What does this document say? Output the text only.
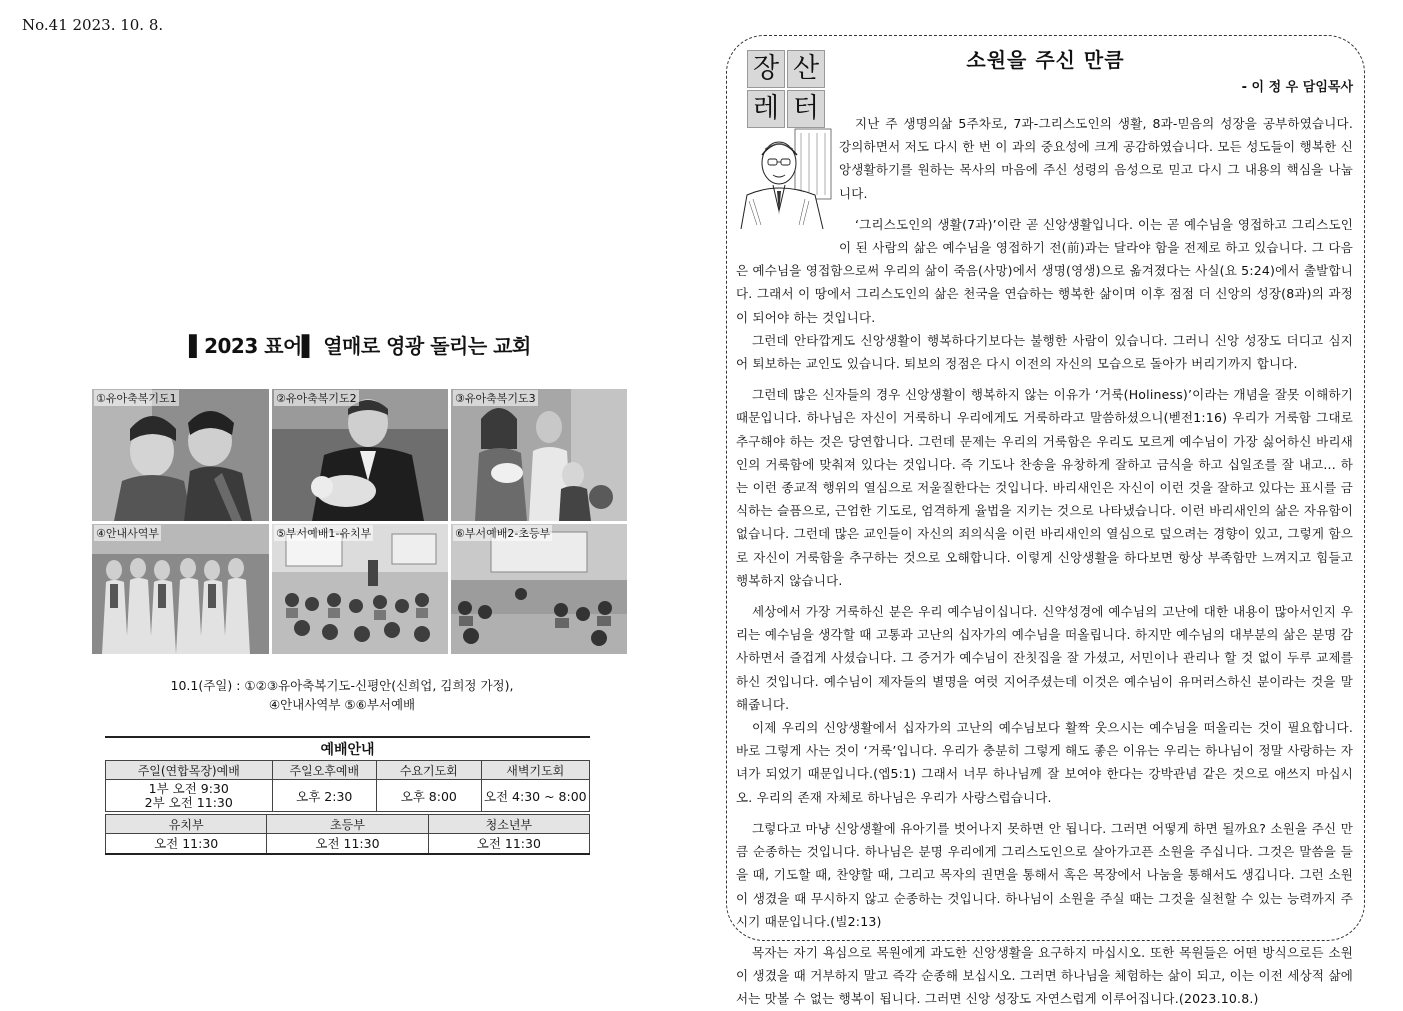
No.41 2023. 10. 8.
▌2023 표어▌ 열매로 영광 돌리는 교회
①유아축복기도1	②유아축복기도2	③유아축복기도3
④안내사역부	⑤부서예배1-유치부	⑥부서예배2-초등부
10.1(주일) : ①②③유아축복기도-신평안(신희업, 김희정 가정),
④안내사역부 ⑤⑥부서예배
예배안내
주일(연합목장)예배	주일오후예배	수요기도회	새벽기도회

1부 오전 9:30
2부 오전 11:30	오후 2:30	오후 8:00	오전 4:30 ~ 8:00
유치부	초등부	청소년부
오전 11:30	오전 11:30	오전 11:30
장 산
레 터
소원을 주신 만큼
- 이 정 우 담임목사

지난 주 생명의삶 5주차로, 7과-그리스도인의 생활, 8과-믿음의 성장을 공부하였습니다. 강의하면서 저도 다시 한 번 이 과의 중요성에 크게 공감하였습니다. 모든 성도들이 행복한 신앙생활하기를 원하는 목사의 마음에 주신 성령의 음성으로 믿고 다시 그 내용의 핵심을 나눕니다.

‘그리스도인의 생활(7과)’이란 곧 신앙생활입니다. 이는 곧 예수님을 영접하고 그리스도인이 된 사람의 삶은 예수님을 영접하기 전(前)과는 달라야 함을 전제로 하고 있습니다. 그 다음은 예수님을 영접함으로써 우리의 삶이 죽음(사망)에서 생명(영생)으로 옮겨졌다는 사실(요 5:24)에서 출발합니다. 그래서 이 땅에서 그리스도인의 삶은 천국을 연습하는 행복한 삶이며 이후 점점 더 신앙의 성장(8과)의 과정이 되어야 하는 것입니다.

그런데 안타깝게도 신앙생활이 행복하다기보다는 불행한 사람이 있습니다. 그러니 신앙 성장도 더디고 심지어 퇴보하는 교인도 있습니다. 퇴보의 정점은 다시 이전의 자신의 모습으로 돌아가 버리기까지 합니다.

그런데 많은 신자들의 경우 신앙생활이 행복하지 않는 이유가 ‘거룩(Holiness)’이라는 개념을 잘못 이해하기 때문입니다. 하나님은 자신이 거룩하니 우리에게도 거룩하라고 말씀하셨으니(벧전1:16) 우리가 거룩함 그대로 추구해야 하는 것은 당연합니다. 그런데 문제는 우리의 거룩함은 우리도 모르게 예수님이 가장 싫어하신 바리새인의 거룩함에 맞춰져 있다는 것입니다. 즉 기도나 찬송을 유창하게 잘하고 금식을 하고 십일조를 잘 내고... 하는 이런 종교적 행위의 열심으로 저울질한다는 것입니다. 바리새인은 자신이 이런 것을 잘하고 있다는 표시를 금식하는 슬픔으로, 근엄한 기도로, 엄격하게 율법을 지키는 것으로 나타냈습니다. 이런 바리새인의 삶은 자유함이 없습니다. 그런데 많은 교인들이 자신의 죄의식을 이런 바리새인의 열심으로 덮으려는 경향이 있고, 그렇게 함으로 자신이 거룩함을 추구하는 것으로 오해합니다. 이렇게 신앙생활을 하다보면 항상 부족함만 느껴지고 힘들고 행복하지 않습니다.

세상에서 가장 거룩하신 분은 우리 예수님이십니다. 신약성경에 예수님의 고난에 대한 내용이 많아서인지 우리는 예수님을 생각할 때 고통과 고난의 십자가의 예수님을 떠올립니다. 하지만 예수님의 대부분의 삶은 분명 감사하면서 즐겁게 사셨습니다. 그 증거가 예수님이 잔칫집을 잘 가셨고, 서민이나 관리나 할 것 없이 두루 교제를 하신 것입니다. 예수님이 제자들의 별명을 여럿 지어주셨는데 이것은 예수님이 유머러스하신 분이라는 것을 말해줍니다.

이제 우리의 신앙생활에서 십자가의 고난의 예수님보다 활짝 웃으시는 예수님을 떠올리는 것이 필요합니다. 바로 그렇게 사는 것이 ‘거룩’입니다. 우리가 충분히 그렇게 해도 좋은 이유는 우리는 하나님이 정말 사랑하는 자녀가 되었기 때문입니다.(엡5:1) 그래서 너무 하나님께 잘 보여야 한다는 강박관념 같은 것으로 애쓰지 마십시오. 우리의 존재 자체로 하나님은 우리가 사랑스럽습니다.

그렇다고 마냥 신앙생활에 유아기를 벗어나지 못하면 안 됩니다. 그러면 어떻게 하면 될까요? 소원을 주신 만큼 순종하는 것입니다. 하나님은 분명 우리에게 그리스도인으로 살아가고픈 소원을 주십니다. 그것은 말씀을 들을 때, 기도할 때, 찬양할 때, 그리고 목자의 권면을 통해서 혹은 목장에서 나눔을 통해서도 생깁니다. 그런 소원이 생겼을 때 무시하지 않고 순종하는 것입니다. 하나님이 소원을 주실 때는 그것을 실천할 수 있는 능력까지 주시기 때문입니다.(빌2:13)

목자는 자기 욕심으로 목원에게 과도한 신앙생활을 요구하지 마십시오. 또한 목원들은 어떤 방식으로든 소원이 생겼을 때 거부하지 말고 즉각 순종해 보십시오. 그러면 하나님을 체험하는 삶이 되고, 이는 이전 세상적 삶에서는 맛볼 수 없는 행복이 됩니다. 그러면 신앙 성장도 자연스럽게 이루어집니다.(2023.10.8.)
